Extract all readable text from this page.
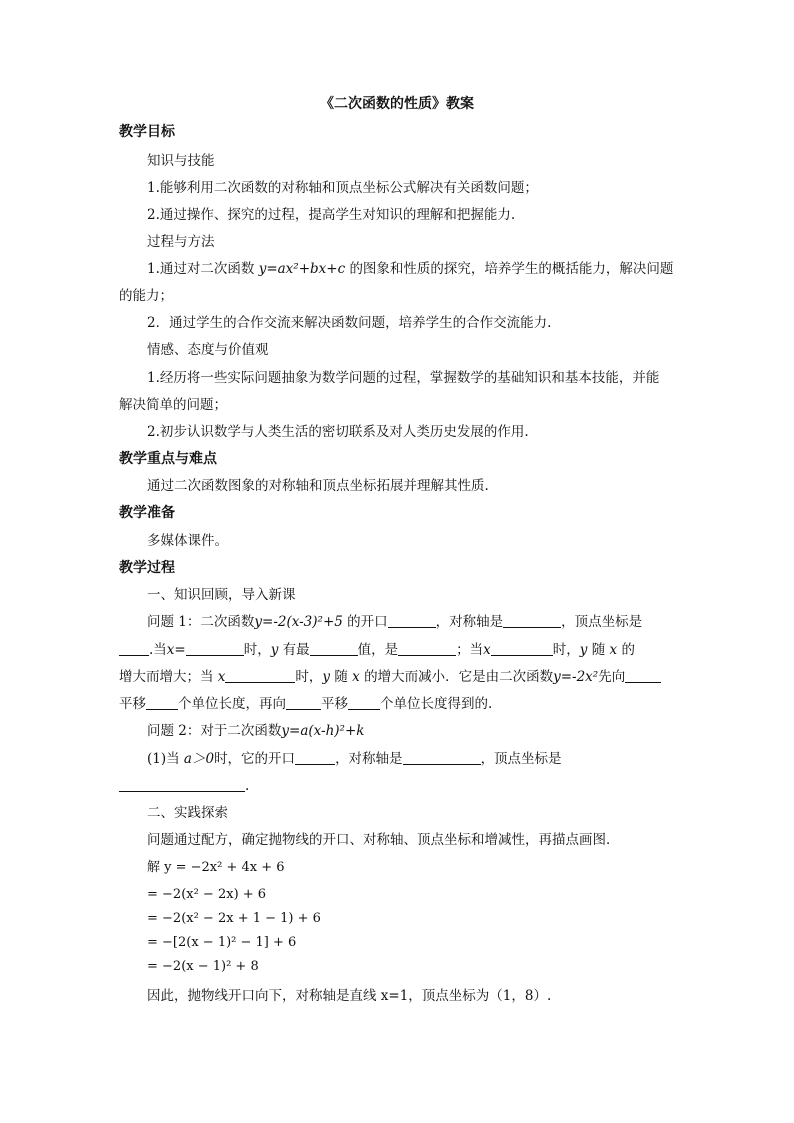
《二次函数的性质》教案
教学目标
知识与技能
1.能够利用二次函数的对称轴和顶点坐标公式解决有关函数问题；
2.通过操作、探究的过程，提高学生对知识的理解和把握能力.
过程与方法
1.通过对二次函数 y=ax²+bx+c 的图象和性质的探究，培养学生的概括能力，解决问题
的能力；
2．通过学生的合作交流来解决函数问题，培养学生的合作交流能力.
情感、态度与价值观
1.经历将一些实际问题抽象为数学问题的过程，掌握数学的基础知识和基本技能，并能
解决简单的问题；
2.初步认识数学与人类生活的密切联系及对人类历史发展的作用.
教学重点与难点
通过二次函数图象的对称轴和顶点坐标拓展并理解其性质.
教学准备
多媒体课件。
教学过程
一、知识回顾，导入新课
问题 1：二次函数y=-2(x-3)²+5 的开口	，对称轴是	，顶点坐标是
.当x=	时，y 有最	值，是	；当x	时，y 随 x 的
增大而增大；当 x	时，y 随 x 的增大而减小．它是由二次函数y=-2x²先向
平移 个单位长度，再向	平移 个单位长度得到的.
问题 2：对于二次函数y=a(x-h)²+k
(1)当 a＞0时，它的开口	，对称轴是	，顶点坐标是
.
二、实践探索
问题通过配方，确定抛物线的开口、对称轴、顶点坐标和增减性，再描点画图．
解 y = −2x² + 4x + 6
= −2(x² − 2x) + 6
= −2(x² − 2x + 1 − 1) + 6
= −[2(x − 1)² − 1] + 6
= −2(x − 1)² + 8
因此，抛物线开口向下，对称轴是直线 x=1，顶点坐标为（1，8）.
